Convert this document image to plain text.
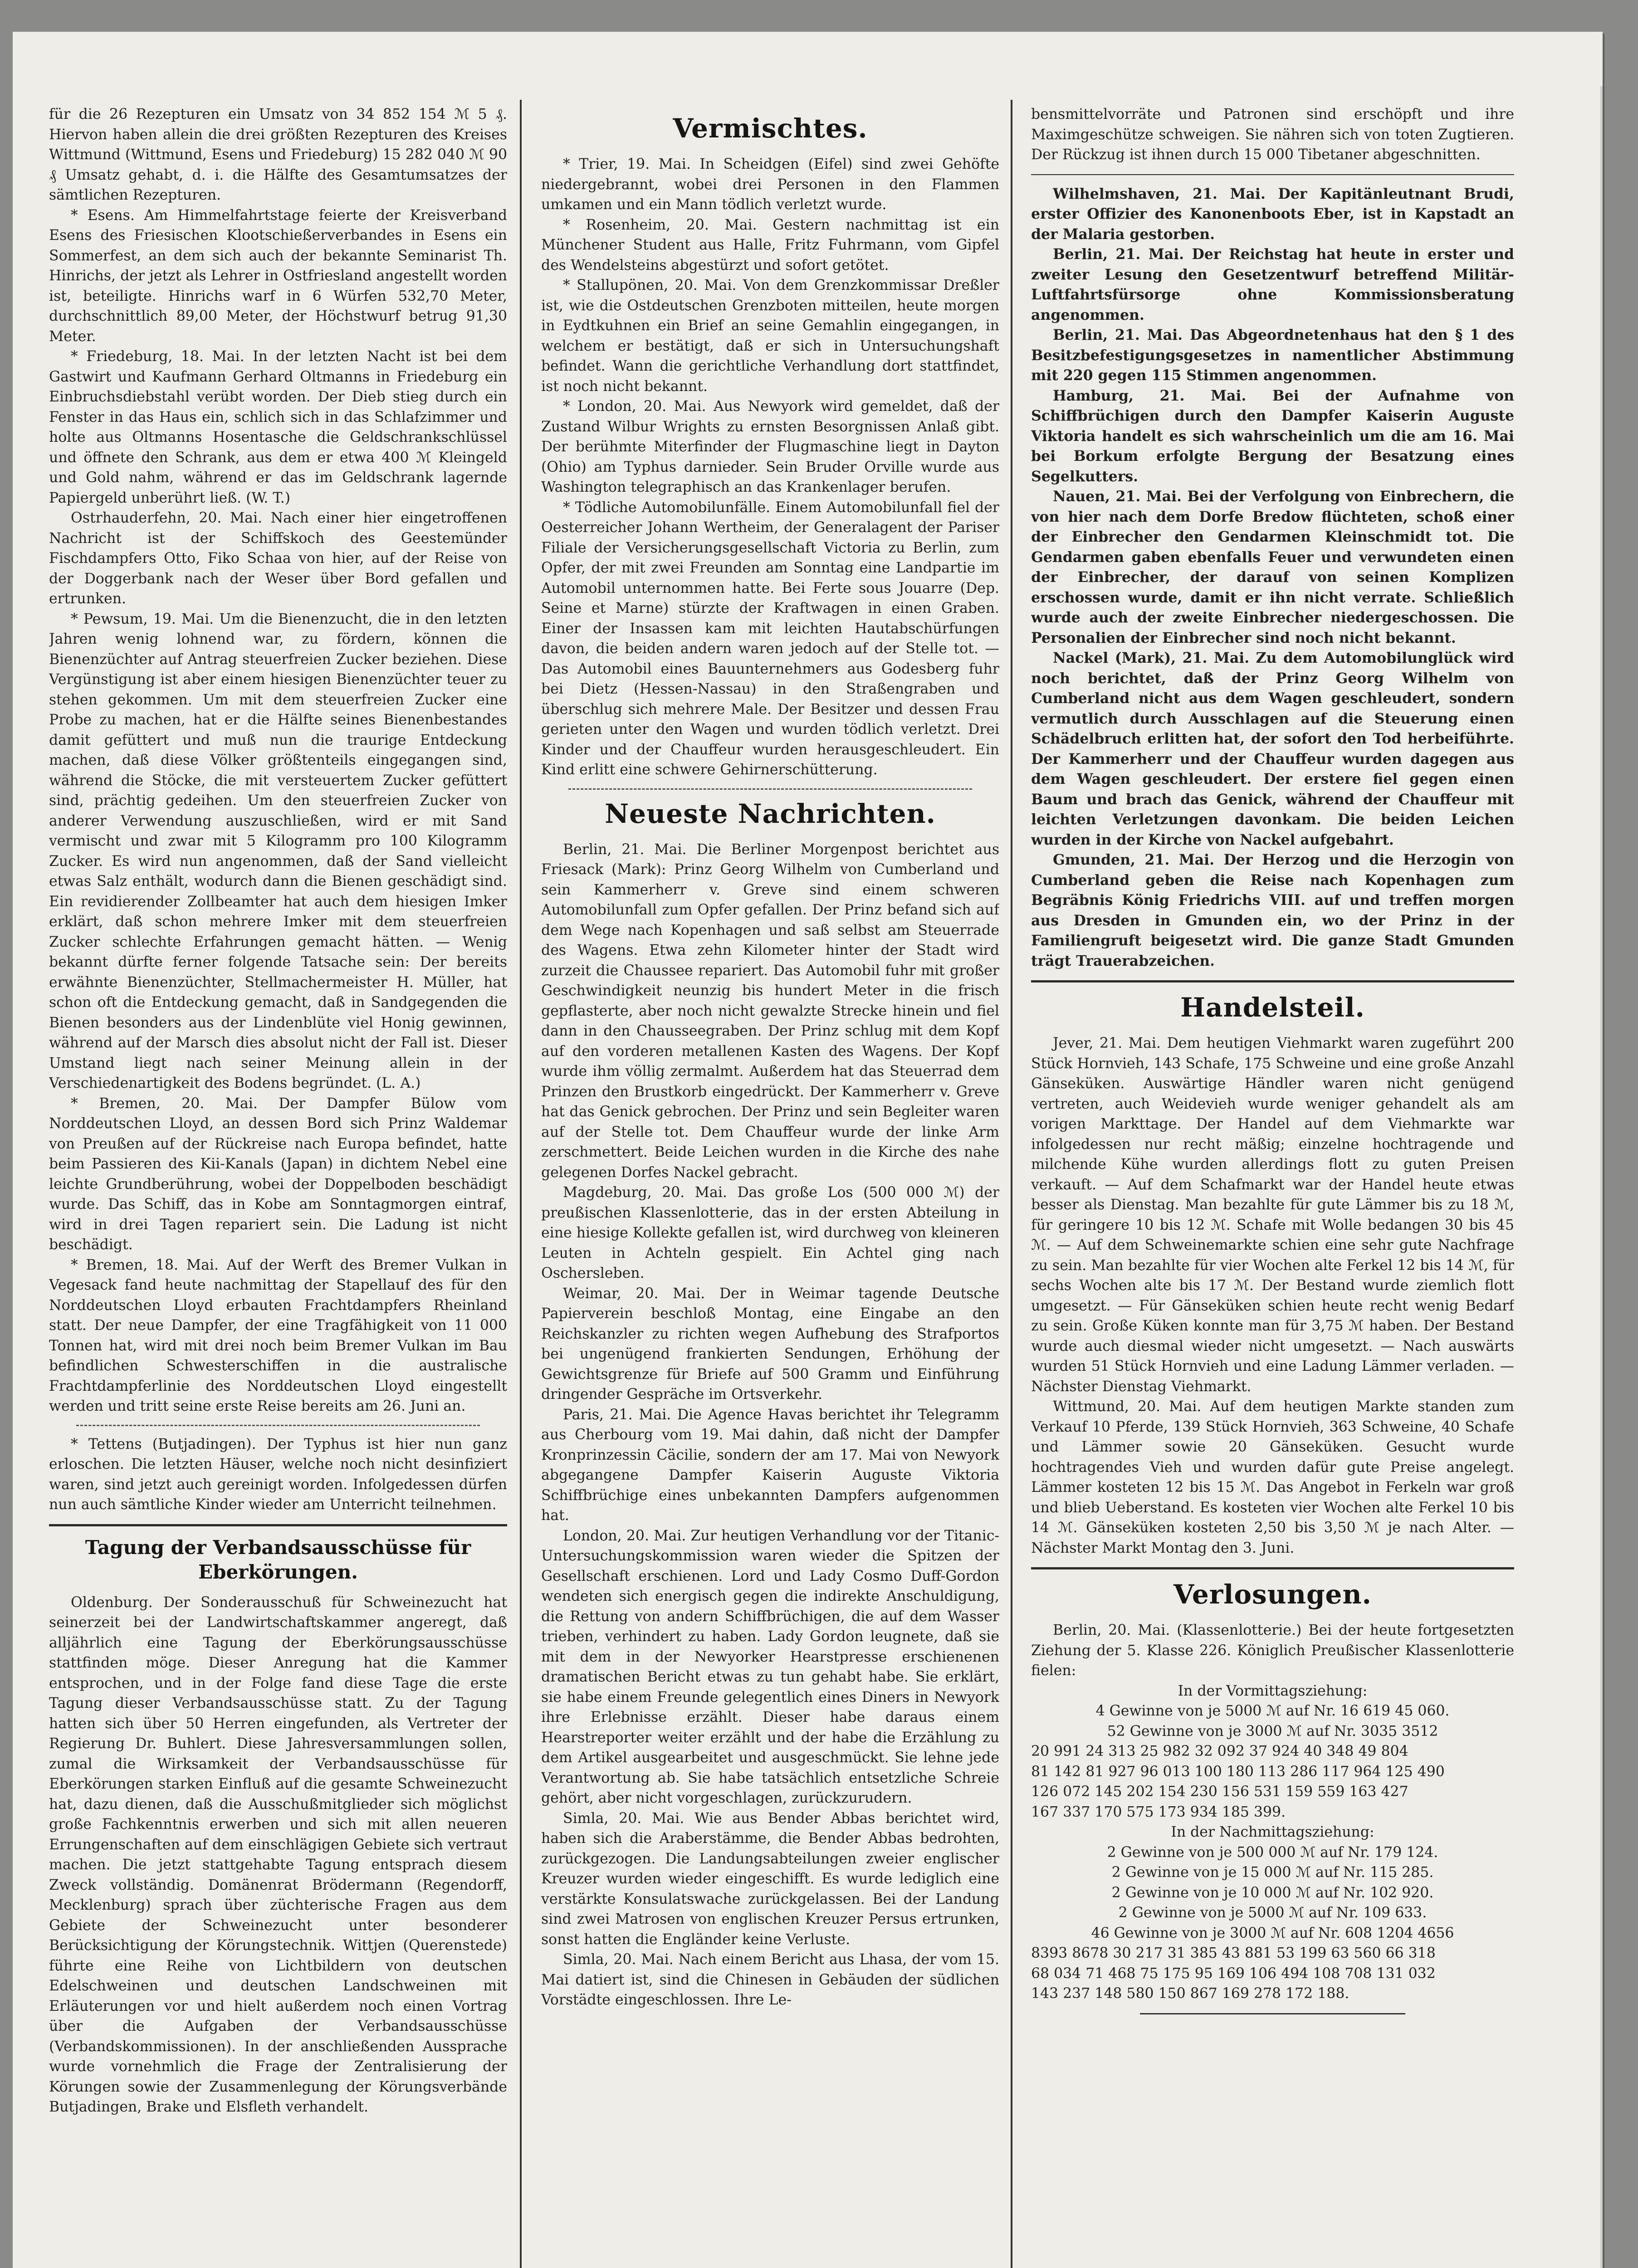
für die 26 Rezepturen ein Umsatz von 34 852 154 ℳ 5 ₰. Hiervon haben allein die drei größten Rezepturen des Kreises Wittmund (Wittmund, Esens und Friedeburg) 15 282 040 ℳ 90 ₰ Umsatz gehabt, d. i. die Hälfte des Gesamtumsatzes der sämtlichen Rezepturen.

* Esens. Am Himmelfahrtstage feierte der Kreisverband Esens des Friesischen Klootschießerverbandes in Esens ein Sommerfest, an dem sich auch der bekannte Seminarist Th. Hinrichs, der jetzt als Lehrer in Ostfriesland angestellt worden ist, beteiligte. Hinrichs warf in 6 Würfen 532,70 Meter, durchschnittlich 89,00 Meter, der Höchstwurf betrug 91,30 Meter.

* Friedeburg, 18. Mai. In der letzten Nacht ist bei dem Gastwirt und Kaufmann Gerhard Oltmanns in Friedeburg ein Einbruchsdiebstahl verübt worden. Der Dieb stieg durch ein Fenster in das Haus ein, schlich sich in das Schlafzimmer und holte aus Oltmanns Hosentasche die Geldschrankschlüssel und öffnete den Schrank, aus dem er etwa 400 ℳ Kleingeld und Gold nahm, während er das im Geldschrank lagernde Papiergeld unberührt ließ. (W. T.)

Ostrhauderfehn, 20. Mai. Nach einer hier eingetroffenen Nachricht ist der Schiffskoch des Geestemünder Fischdampfers Otto, Fiko Schaa von hier, auf der Reise von der Doggerbank nach der Weser über Bord gefallen und ertrunken.

* Pewsum, 19. Mai. Um die Bienenzucht, die in den letzten Jahren wenig lohnend war, zu fördern, können die Bienenzüchter auf Antrag steuerfreien Zucker beziehen. Diese Vergünstigung ist aber einem hiesigen Bienenzüchter teuer zu stehen gekommen. Um mit dem steuerfreien Zucker eine Probe zu machen, hat er die Hälfte seines Bienenbestandes damit gefüttert und muß nun die traurige Entdeckung machen, daß diese Völker größtenteils eingegangen sind, während die Stöcke, die mit versteuertem Zucker gefüttert sind, prächtig gedeihen. Um den steuerfreien Zucker von anderer Verwendung auszuschließen, wird er mit Sand vermischt und zwar mit 5 Kilogramm pro 100 Kilogramm Zucker. Es wird nun angenommen, daß der Sand vielleicht etwas Salz enthält, wodurch dann die Bienen geschädigt sind. Ein revidierender Zollbeamter hat auch dem hiesigen Imker erklärt, daß schon mehrere Imker mit dem steuerfreien Zucker schlechte Erfahrungen gemacht hätten. — Wenig bekannt dürfte ferner folgende Tatsache sein: Der bereits erwähnte Bienenzüchter, Stellmachermeister H. Müller, hat schon oft die Entdeckung gemacht, daß in Sandgegenden die Bienen besonders aus der Lindenblüte viel Honig gewinnen, während auf der Marsch dies absolut nicht der Fall ist. Dieser Umstand liegt nach seiner Meinung allein in der Verschiedenartigkeit des Bodens begründet. (L. A.)

* Bremen, 20. Mai. Der Dampfer Bülow vom Norddeutschen Lloyd, an dessen Bord sich Prinz Waldemar von Preußen auf der Rückreise nach Europa befindet, hatte beim Passieren des Kii-Kanals (Japan) in dichtem Nebel eine leichte Grundberührung, wobei der Doppelboden beschädigt wurde. Das Schiff, das in Kobe am Sonntagmorgen eintraf, wird in drei Tagen repariert sein. Die Ladung ist nicht beschädigt.

* Bremen, 18. Mai. Auf der Werft des Bremer Vulkan in Vegesack fand heute nachmittag der Stapellauf des für den Norddeutschen Lloyd erbauten Frachtdampfers Rheinland statt. Der neue Dampfer, der eine Tragfähigkeit von 11 000 Tonnen hat, wird mit drei noch beim Bremer Vulkan im Bau befindlichen Schwesterschiffen in die australische Frachtdampferlinie des Norddeutschen Lloyd eingestellt werden und tritt seine erste Reise bereits am 26. Juni an.

* Tettens (Butjadingen). Der Typhus ist hier nun ganz erloschen. Die letzten Häuser, welche noch nicht desinfiziert waren, sind jetzt auch gereinigt worden. Infolgedessen dürfen nun auch sämtliche Kinder wieder am Unterricht teilnehmen.

Tagung der Verbandsausschüsse für Eberkörungen.

Oldenburg. Der Sonderausschuß für Schweinezucht hat seinerzeit bei der Landwirtschaftskammer angeregt, daß alljährlich eine Tagung der Eberkörungsausschüsse stattfinden möge. Dieser Anregung hat die Kammer entsprochen, und in der Folge fand diese Tage die erste Tagung dieser Verbandsausschüsse statt. Zu der Tagung hatten sich über 50 Herren eingefunden, als Vertreter der Regierung Dr. Buhlert. Diese Jahresversammlungen sollen, zumal die Wirksamkeit der Verbandsausschüsse für Eberkörungen starken Einfluß auf die gesamte Schweinezucht hat, dazu dienen, daß die Ausschußmitglieder sich möglichst große Fachkenntnis erwerben und sich mit allen neueren Errungenschaften auf dem einschlägigen Gebiete sich vertraut machen. Die jetzt stattgehabte Tagung entsprach diesem Zweck vollständig. Domänenrat Brödermann (Regendorff, Mecklenburg) sprach über züchterische Fragen aus dem Gebiete der Schweinezucht unter besonderer Berücksichtigung der Körungstechnik. Wittjen (Querenstede) führte eine Reihe von Lichtbildern von deutschen Edelschweinen und deutschen Landschweinen mit Erläuterungen vor und hielt außerdem noch einen Vortrag über die Aufgaben der Verbandsausschüsse (Verbandskommissionen). In der anschließenden Aussprache wurde vornehmlich die Frage der Zentralisierung der Körungen sowie der Zusammenlegung der Körungsverbände Butjadingen, Brake und Elsfleth verhandelt.

Vermischtes.

* Trier, 19. Mai. In Scheidgen (Eifel) sind zwei Gehöfte niedergebrannt, wobei drei Personen in den Flammen umkamen und ein Mann tödlich verletzt wurde.

* Rosenheim, 20. Mai. Gestern nachmittag ist ein Münchener Student aus Halle, Fritz Fuhrmann, vom Gipfel des Wendelsteins abgestürzt und sofort getötet.

* Stallupönen, 20. Mai. Von dem Grenzkommissar Dreßler ist, wie die Ostdeutschen Grenzboten mitteilen, heute morgen in Eydtkuhnen ein Brief an seine Gemahlin eingegangen, in welchem er bestätigt, daß er sich in Untersuchungshaft befindet. Wann die gerichtliche Verhandlung dort stattfindet, ist noch nicht bekannt.

* London, 20. Mai. Aus Newyork wird gemeldet, daß der Zustand Wilbur Wrights zu ernsten Besorgnissen Anlaß gibt. Der berühmte Miterfinder der Flugmaschine liegt in Dayton (Ohio) am Typhus darnieder. Sein Bruder Orville wurde aus Washington telegraphisch an das Krankenlager berufen.

* Tödliche Automobilunfälle. Einem Automobilunfall fiel der Oesterreicher Johann Wertheim, der Generalagent der Pariser Filiale der Versicherungsgesellschaft Victoria zu Berlin, zum Opfer, der mit zwei Freunden am Sonntag eine Landpartie im Automobil unternommen hatte. Bei Ferte sous Jouarre (Dep. Seine et Marne) stürzte der Kraftwagen in einen Graben. Einer der Insassen kam mit leichten Hautabschürfungen davon, die beiden andern waren jedoch auf der Stelle tot. — Das Automobil eines Bauunternehmers aus Godesberg fuhr bei Dietz (Hessen-Nassau) in den Straßengraben und überschlug sich mehrere Male. Der Besitzer und dessen Frau gerieten unter den Wagen und wurden tödlich verletzt. Drei Kinder und der Chauffeur wurden herausgeschleudert. Ein Kind erlitt eine schwere Gehirnerschütterung.

Neueste Nachrichten.

Berlin, 21. Mai. Die Berliner Morgenpost berichtet aus Friesack (Mark): Prinz Georg Wilhelm von Cumberland und sein Kammerherr v. Greve sind einem schweren Automobilunfall zum Opfer gefallen. Der Prinz befand sich auf dem Wege nach Kopenhagen und saß selbst am Steuerrade des Wagens. Etwa zehn Kilometer hinter der Stadt wird zurzeit die Chaussee repariert. Das Automobil fuhr mit großer Geschwindigkeit neunzig bis hundert Meter in die frisch gepflasterte, aber noch nicht gewalzte Strecke hinein und fiel dann in den Chausseegraben. Der Prinz schlug mit dem Kopf auf den vorderen metallenen Kasten des Wagens. Der Kopf wurde ihm völlig zermalmt. Außerdem hat das Steuerrad dem Prinzen den Brustkorb eingedrückt. Der Kammerherr v. Greve hat das Genick gebrochen. Der Prinz und sein Begleiter waren auf der Stelle tot. Dem Chauffeur wurde der linke Arm zerschmettert. Beide Leichen wurden in die Kirche des nahe gelegenen Dorfes Nackel gebracht.

Magdeburg, 20. Mai. Das große Los (500 000 ℳ) der preußischen Klassenlotterie, das in der ersten Abteilung in eine hiesige Kollekte gefallen ist, wird durchweg von kleineren Leuten in Achteln gespielt. Ein Achtel ging nach Oschersleben.

Weimar, 20. Mai. Der in Weimar tagende Deutsche Papierverein beschloß Montag, eine Eingabe an den Reichskanzler zu richten wegen Aufhebung des Strafportos bei ungenügend frankierten Sendungen, Erhöhung der Gewichtsgrenze für Briefe auf 500 Gramm und Einführung dringender Gespräche im Ortsverkehr.

Paris, 21. Mai. Die Agence Havas berichtet ihr Telegramm aus Cherbourg vom 19. Mai dahin, daß nicht der Dampfer Kronprinzessin Cäcilie, sondern der am 17. Mai von Newyork abgegangene Dampfer Kaiserin Auguste Viktoria Schiffbrüchige eines unbekannten Dampfers aufgenommen hat.

London, 20. Mai. Zur heutigen Verhandlung vor der Titanic-Untersuchungskommission waren wieder die Spitzen der Gesellschaft erschienen. Lord und Lady Cosmo Duff-Gordon wendeten sich energisch gegen die indirekte Anschuldigung, die Rettung von andern Schiffbrüchigen, die auf dem Wasser trieben, verhindert zu haben. Lady Gordon leugnete, daß sie mit dem in der Newyorker Hearstpresse erschienenen dramatischen Bericht etwas zu tun gehabt habe. Sie erklärt, sie habe einem Freunde gelegentlich eines Diners in Newyork ihre Erlebnisse erzählt. Dieser habe daraus einem Hearstreporter weiter erzählt und der habe die Erzählung zu dem Artikel ausgearbeitet und ausgeschmückt. Sie lehne jede Verantwortung ab. Sie habe tatsächlich entsetzliche Schreie gehört, aber nicht vorgeschlagen, zurückzurudern.

Simla, 20. Mai. Wie aus Bender Abbas berichtet wird, haben sich die Araberstämme, die Bender Abbas bedrohten, zurückgezogen. Die Landungsabteilungen zweier englischer Kreuzer wurden wieder eingeschifft. Es wurde lediglich eine verstärkte Konsulatswache zurückgelassen. Bei der Landung sind zwei Matrosen von englischen Kreuzer Persus ertrunken, sonst hatten die Engländer keine Verluste.

Simla, 20. Mai. Nach einem Bericht aus Lhasa, der vom 15. Mai datiert ist, sind die Chinesen in Gebäuden der südlichen Vorstädte eingeschlossen. Ihre Le-

bensmittelvorräte und Patronen sind erschöpft und ihre Maximgeschütze schweigen. Sie nähren sich von toten Zugtieren. Der Rückzug ist ihnen durch 15 000 Tibetaner abgeschnitten.

Wilhelmshaven, 21. Mai. Der Kapitänleutnant Brudi, erster Offizier des Kanonenboots Eber, ist in Kapstadt an der Malaria gestorben.

Berlin, 21. Mai. Der Reichstag hat heute in erster und zweiter Lesung den Gesetzentwurf betreffend Militär-Luftfahrtsfürsorge ohne Kommissionsberatung angenommen.

Berlin, 21. Mai. Das Abgeordnetenhaus hat den § 1 des Besitzbefestigungsgesetzes in namentlicher Abstimmung mit 220 gegen 115 Stimmen angenommen.

Hamburg, 21. Mai. Bei der Aufnahme von Schiffbrüchigen durch den Dampfer Kaiserin Auguste Viktoria handelt es sich wahrscheinlich um die am 16. Mai bei Borkum erfolgte Bergung der Besatzung eines Segelkutters.

Nauen, 21. Mai. Bei der Verfolgung von Einbrechern, die von hier nach dem Dorfe Bredow flüchteten, schoß einer der Einbrecher den Gendarmen Kleinschmidt tot. Die Gendarmen gaben ebenfalls Feuer und verwundeten einen der Einbrecher, der darauf von seinen Komplizen erschossen wurde, damit er ihn nicht verrate. Schließlich wurde auch der zweite Einbrecher niedergeschossen. Die Personalien der Einbrecher sind noch nicht bekannt.

Nackel (Mark), 21. Mai. Zu dem Automobilunglück wird noch berichtet, daß der Prinz Georg Wilhelm von Cumberland nicht aus dem Wagen geschleudert, sondern vermutlich durch Ausschlagen auf die Steuerung einen Schädelbruch erlitten hat, der sofort den Tod herbeiführte. Der Kammerherr und der Chauffeur wurden dagegen aus dem Wagen geschleudert. Der erstere fiel gegen einen Baum und brach das Genick, während der Chauffeur mit leichten Verletzungen davonkam. Die beiden Leichen wurden in der Kirche von Nackel aufgebahrt.

Gmunden, 21. Mai. Der Herzog und die Herzogin von Cumberland geben die Reise nach Kopenhagen zum Begräbnis König Friedrichs VIII. auf und treffen morgen aus Dresden in Gmunden ein, wo der Prinz in der Familiengruft beigesetzt wird. Die ganze Stadt Gmunden trägt Trauerabzeichen.

Handelsteil.

Jever, 21. Mai. Dem heutigen Viehmarkt waren zugeführt 200 Stück Hornvieh, 143 Schafe, 175 Schweine und eine große Anzahl Gänseküken. Auswärtige Händler waren nicht genügend vertreten, auch Weidevieh wurde weniger gehandelt als am vorigen Markttage. Der Handel auf dem Viehmarkte war infolgedessen nur recht mäßig; einzelne hochtragende und milchende Kühe wurden allerdings flott zu guten Preisen verkauft. — Auf dem Schafmarkt war der Handel heute etwas besser als Dienstag. Man bezahlte für gute Lämmer bis zu 18 ℳ, für geringere 10 bis 12 ℳ. Schafe mit Wolle bedangen 30 bis 45 ℳ. — Auf dem Schweinemarkte schien eine sehr gute Nachfrage zu sein. Man bezahlte für vier Wochen alte Ferkel 12 bis 14 ℳ, für sechs Wochen alte bis 17 ℳ. Der Bestand wurde ziemlich flott umgesetzt. — Für Gänseküken schien heute recht wenig Bedarf zu sein. Große Küken konnte man für 3,75 ℳ haben. Der Bestand wurde auch diesmal wieder nicht umgesetzt. — Nach auswärts wurden 51 Stück Hornvieh und eine Ladung Lämmer verladen. — Nächster Dienstag Viehmarkt.

Wittmund, 20. Mai. Auf dem heutigen Markte standen zum Verkauf 10 Pferde, 139 Stück Hornvieh, 363 Schweine, 40 Schafe und Lämmer sowie 20 Gänseküken. Gesucht wurde hochtragendes Vieh und wurden dafür gute Preise angelegt. Lämmer kosteten 12 bis 15 ℳ. Das Angebot in Ferkeln war groß und blieb Ueberstand. Es kosteten vier Wochen alte Ferkel 10 bis 14 ℳ. Gänseküken kosteten 2,50 bis 3,50 ℳ je nach Alter. — Nächster Markt Montag den 3. Juni.

Verlosungen.

Berlin, 20. Mai. (Klassenlotterie.) Bei der heute fortgesetzten Ziehung der 5. Klasse 226. Königlich Preußischer Klassenlotterie fielen:

In der Vormittagsziehung:

4 Gewinne von je 5000 ℳ auf Nr. 16 619 45 060.

52 Gewinne von je 3000 ℳ auf Nr. 3035 3512

20 991 24 313 25 982 32 092 37 924 40 348 49 804

81 142 81 927 96 013 100 180 113 286 117 964 125 490

126 072 145 202 154 230 156 531 159 559 163 427

167 337 170 575 173 934 185 399.

In der Nachmittagsziehung:

2 Gewinne von je 500 000 ℳ auf Nr. 179 124.

2 Gewinne von je 15 000 ℳ auf Nr. 115 285.

2 Gewinne von je 10 000 ℳ auf Nr. 102 920.

2 Gewinne von je 5000 ℳ auf Nr. 109 633.

46 Gewinne von je 3000 ℳ auf Nr. 608 1204 4656

8393 8678 30 217 31 385 43 881 53 199 63 560 66 318

68 034 71 468 75 175 95 169 106 494 108 708 131 032

143 237 148 580 150 867 169 278 172 188.
